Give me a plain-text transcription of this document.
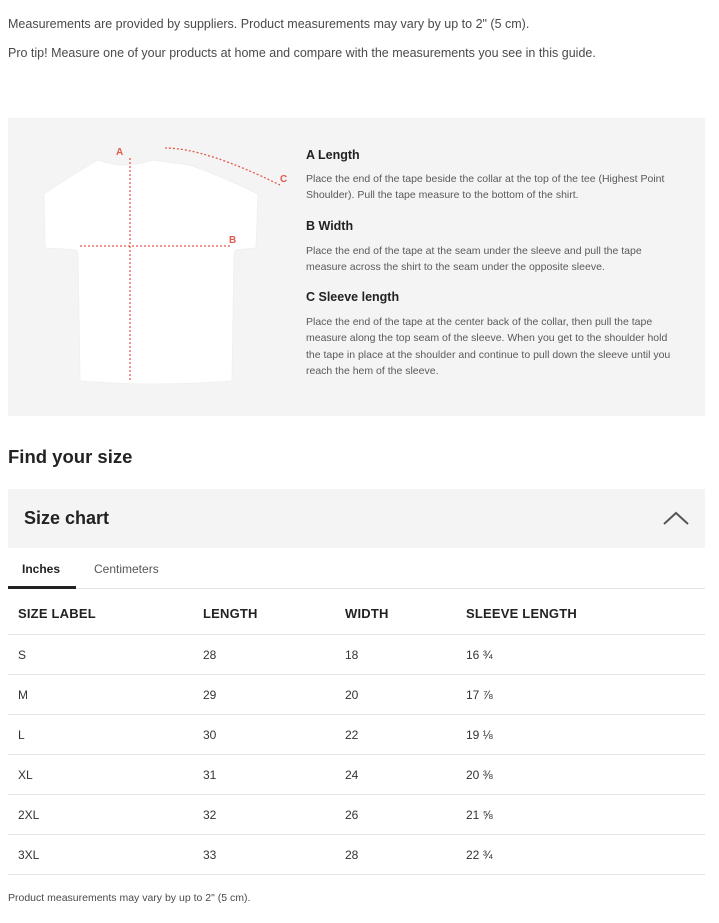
Measurements are provided by suppliers. Product measurements may vary by up to 2" (5 cm).

Pro tip! Measure one of your products at home and compare with the measurements you see in this guide.

A
B
C
A Length

Place the end of the tape beside the collar at the top of the tee (Highest Point Shoulder). Pull the tape measure to the bottom of the shirt.

B Width

Place the end of the tape at the seam under the sleeve and pull the tape measure across the shirt to the seam under the opposite sleeve.

C Sleeve length

Place the end of the tape at the center back of the collar, then pull the tape measure along the top seam of the sleeve. When you get to the shoulder hold the tape in place at the shoulder and continue to pull down the sleeve until you reach the hem of the sleeve.

Find your size
Size chart
Inches	Centimeters
SIZE LABEL	LENGTH	WIDTH	SLEEVE LENGTH
S	28	18	16 ¾
M	29	20	17 ⅞
L	30	22	19 ⅛
XL	31	24	20 ⅜
2XL	32	26	21 ⅝
3XL	33	28	22 ¾

Product measurements may vary by up to 2" (5 cm).
